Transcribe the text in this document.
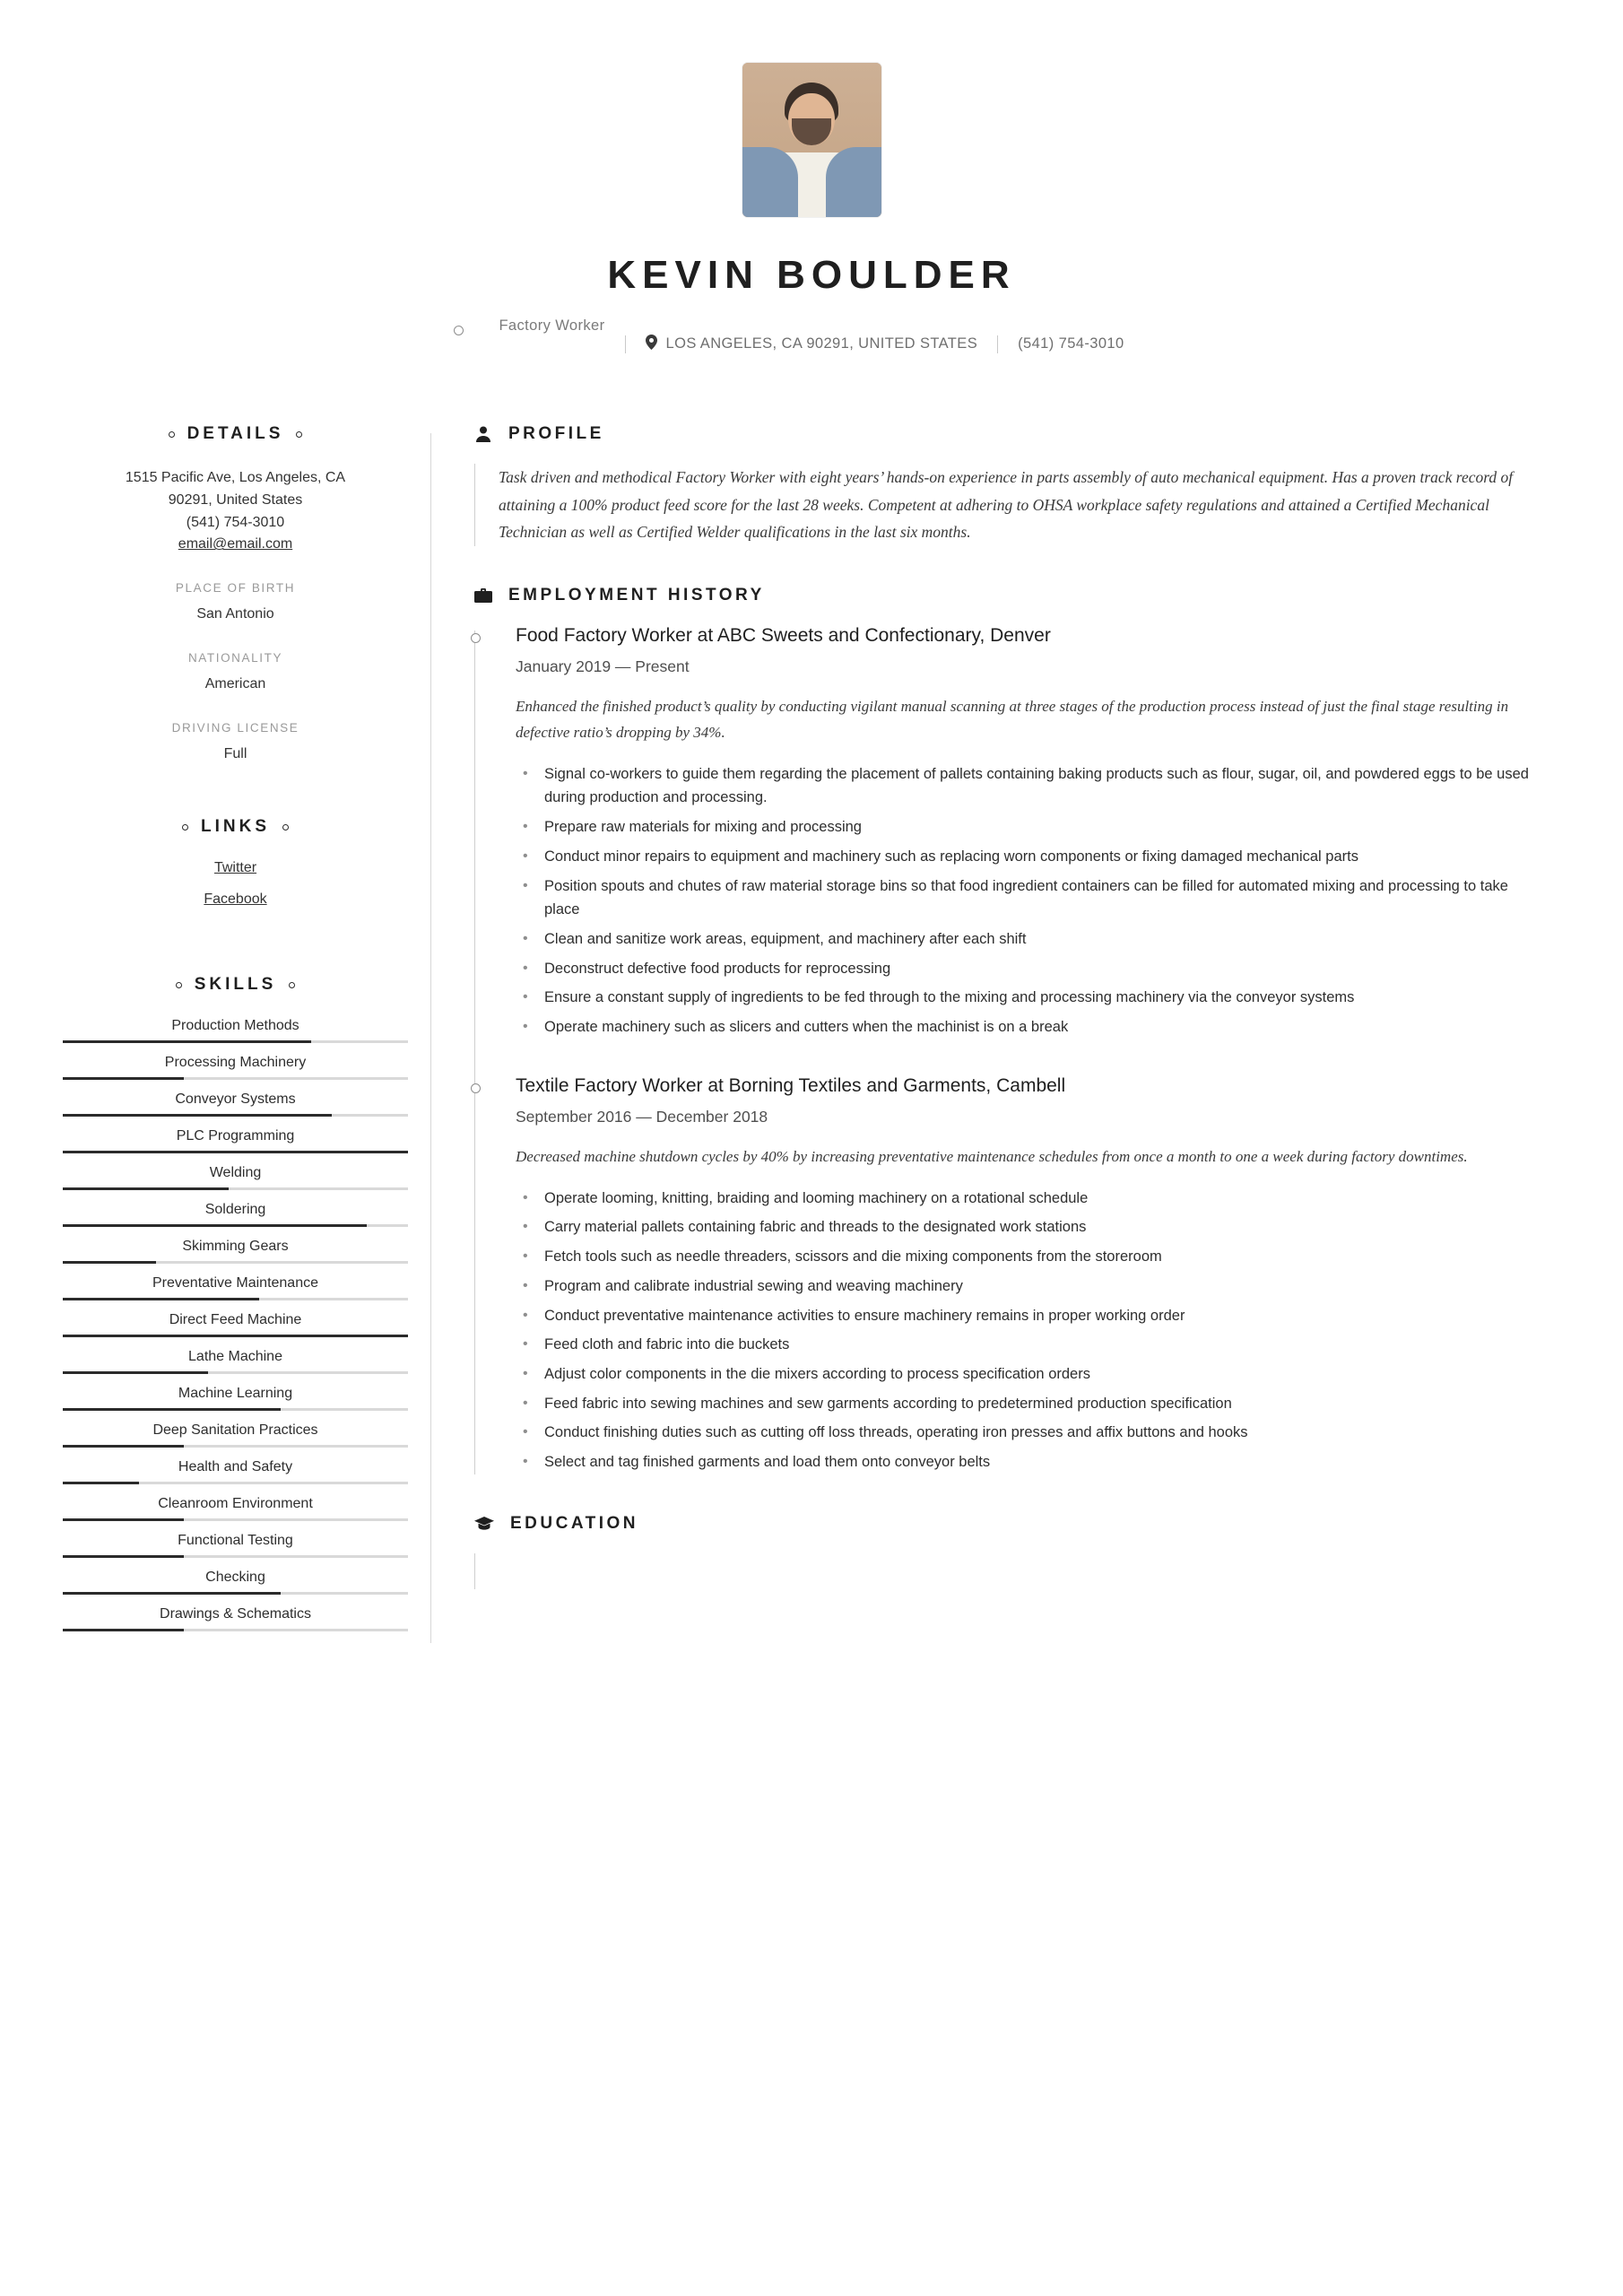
KEVIN BOULDER
Factory Worker
LOS ANGELES, CA 90291, UNITED STATES	(541) 754-3010
DETAILS
1515 Pacific Ave, Los Angeles, CA
90291, United States
(541) 754-3010
email@email.com
PLACE OF BIRTH
San Antonio
NATIONALITY
American
DRIVING LICENSE
Full
LINKS
Twitter
Facebook
SKILLS
Production Methods
Processing Machinery
Conveyor Systems
PLC Programming
Welding
Soldering
Skimming Gears
Preventative Maintenance
Direct Feed Machine
Lathe Machine
Machine Learning
Deep Sanitation Practices
Health and Safety
Cleanroom Environment
Functional Testing
Checking
Drawings & Schematics
PROFILE
Task driven and methodical Factory Worker with eight years’ hands-on experience in parts assembly of auto mechanical equipment. Has a proven track record of attaining a 100% product feed score for the last 28 weeks. Competent at adhering to OHSA workplace safety regulations and attained a Certified Mechanical Technician as well as Certified Welder qualifications in the last six months.
EMPLOYMENT HISTORY
Food Factory Worker at ABC Sweets and Confectionary, Denver
January 2019 — Present
Enhanced the finished product’s quality by conducting vigilant manual scanning at three stages of the production process instead of just the final stage resulting in defective ratio’s dropping by 34%.
• Signal co-workers to guide them regarding the placement of pallets containing baking products such as flour, sugar, oil, and powdered eggs to be used during production and processing.
• Prepare raw materials for mixing and processing
• Conduct minor repairs to equipment and machinery such as replacing worn components or fixing damaged mechanical parts
• Position spouts and chutes of raw material storage bins so that food ingredient containers can be filled for automated mixing and processing to take place
• Clean and sanitize work areas, equipment, and machinery after each shift
• Deconstruct defective food products for reprocessing
• Ensure a constant supply of ingredients to be fed through to the mixing and processing machinery via the conveyor systems
• Operate machinery such as slicers and cutters when the machinist is on a break
Textile Factory Worker at Borning Textiles and Garments, Cambell
September 2016 — December 2018
Decreased machine shutdown cycles by 40% by increasing preventative maintenance schedules from once a month to one a week during factory downtimes.
• Operate looming, knitting, braiding and looming machinery on a rotational schedule
• Carry material pallets containing fabric and threads to the designated work stations
• Fetch tools such as needle threaders, scissors and die mixing components from the storeroom
• Program and calibrate industrial sewing and weaving machinery
• Conduct preventative maintenance activities to ensure machinery remains in proper working order
• Feed cloth and fabric into die buckets
• Adjust color components in the die mixers according to process specification orders
• Feed fabric into sewing machines and sew garments according to predetermined production specification
• Conduct finishing duties such as cutting off loss threads, operating iron presses and affix buttons and hooks
• Select and tag finished garments and load them onto conveyor belts
EDUCATION
